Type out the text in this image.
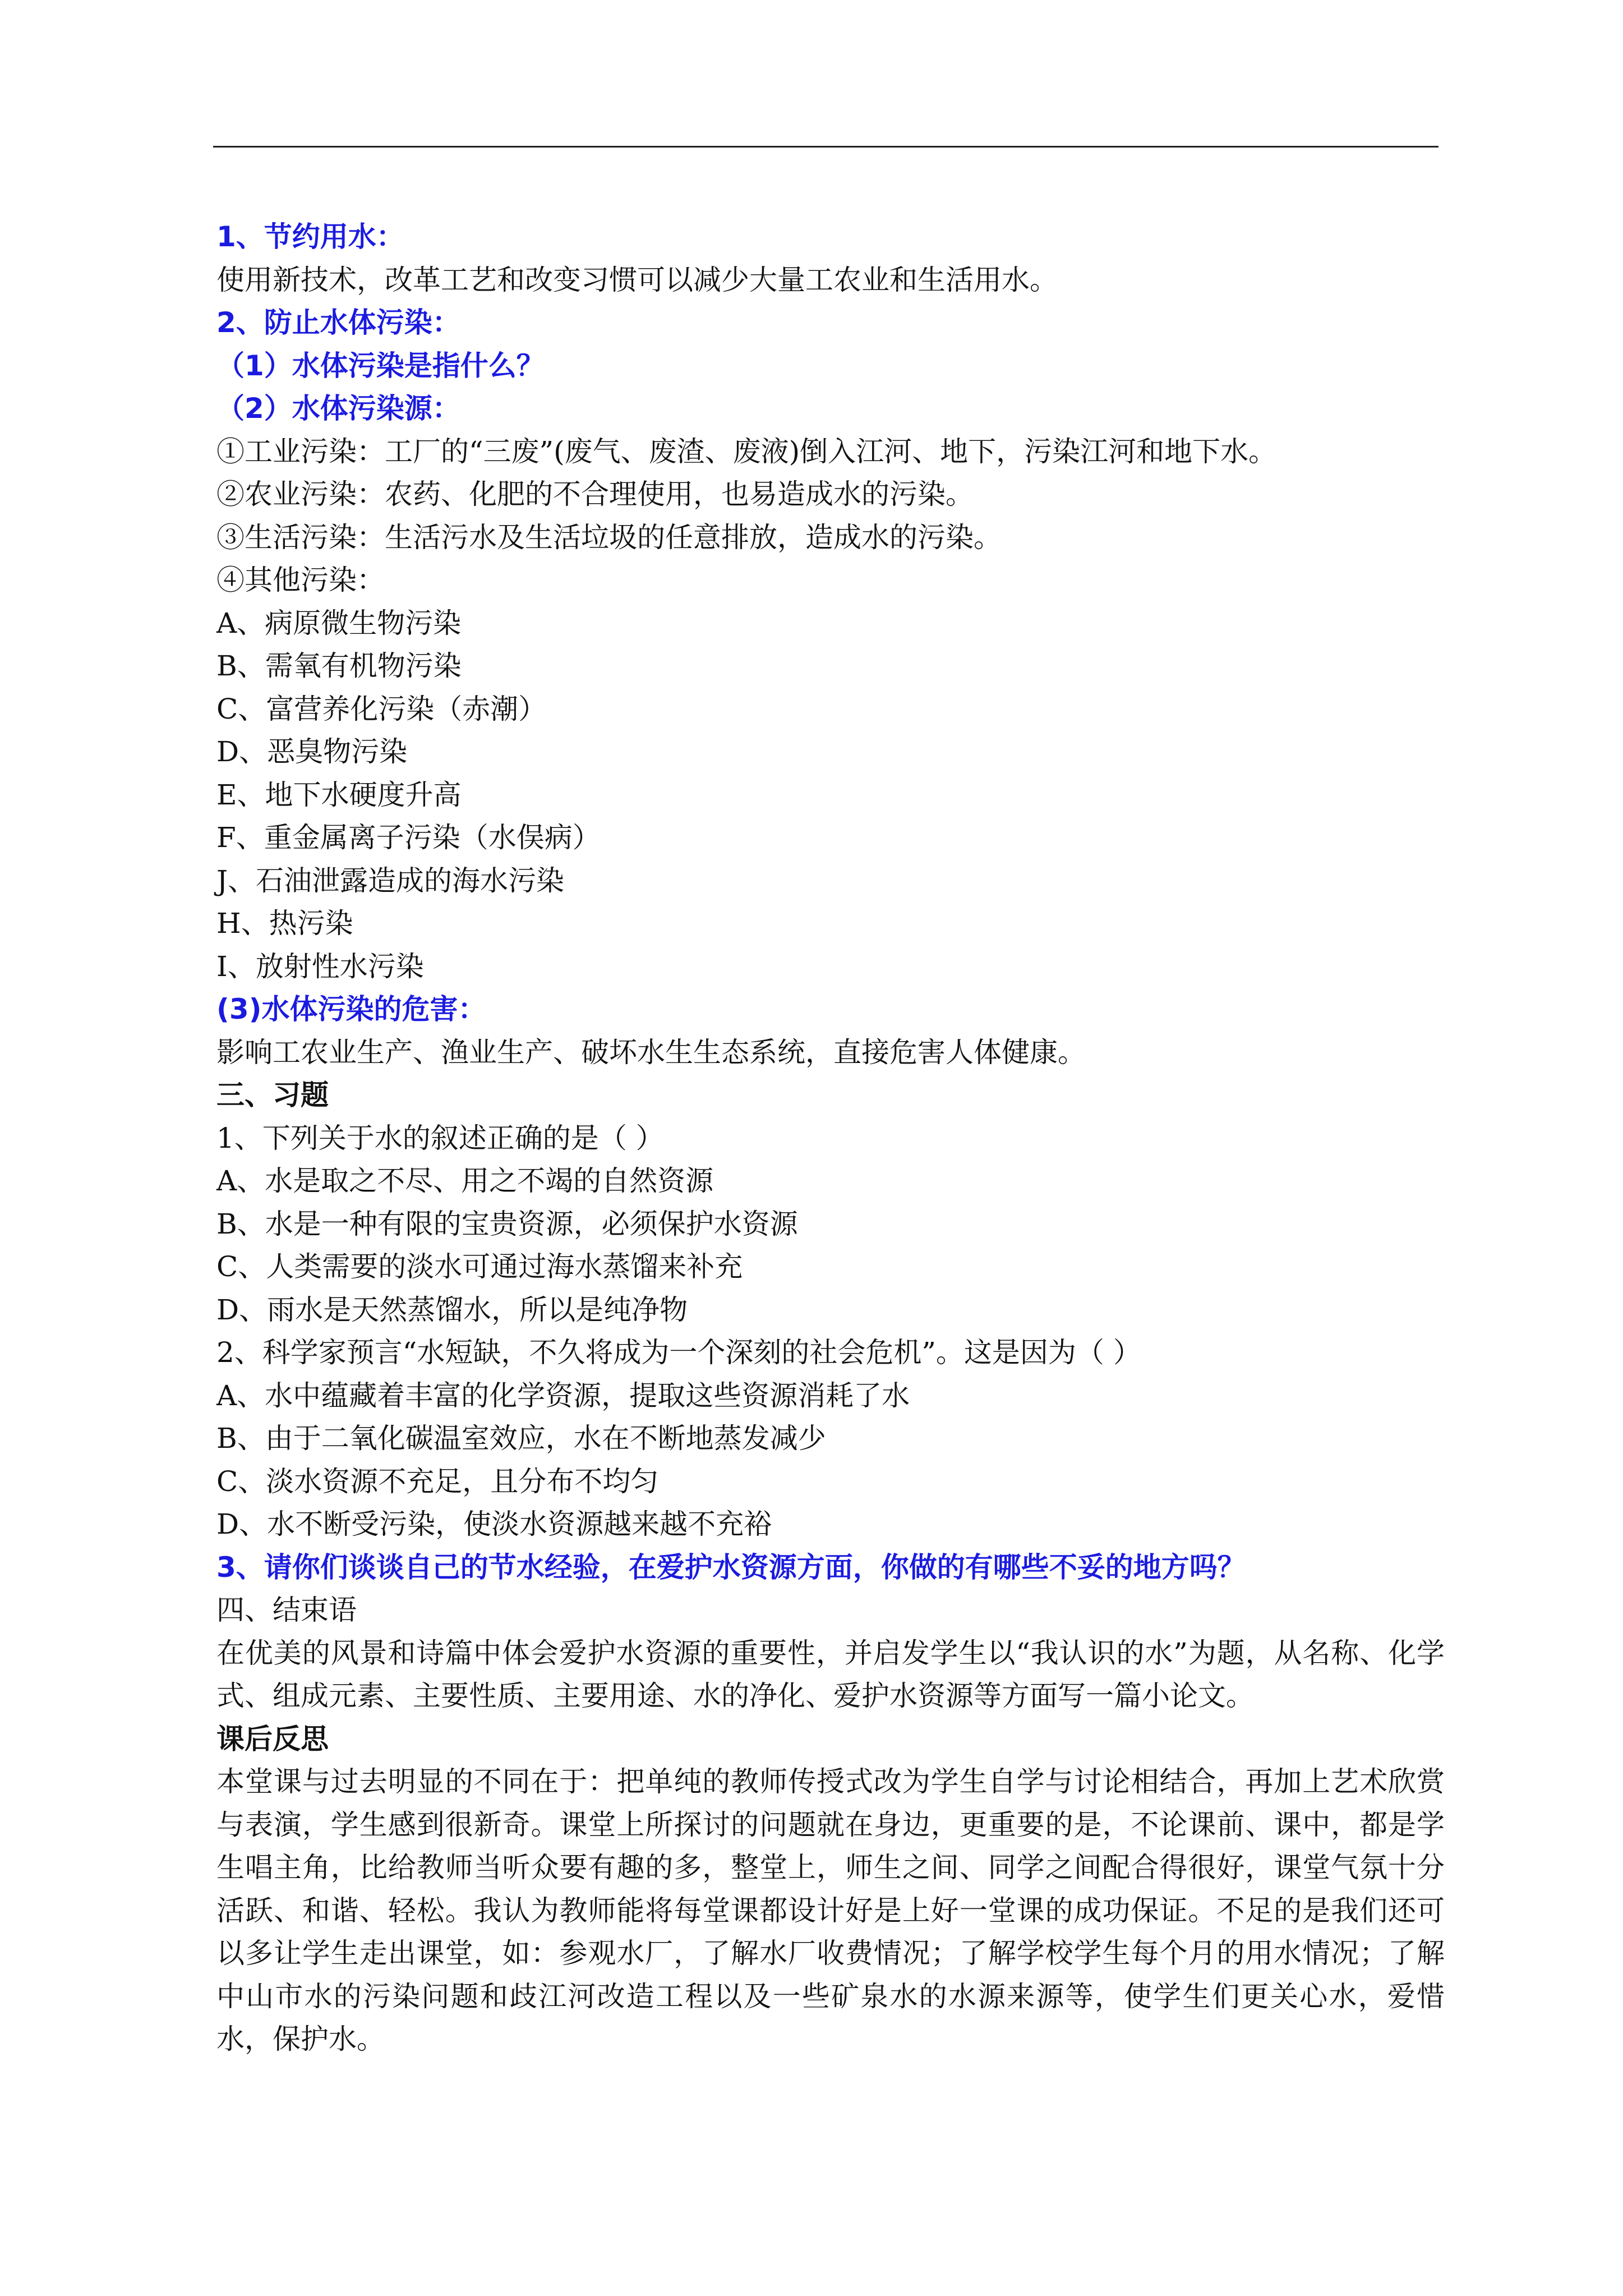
1、节约用水：
使用新技术，改革工艺和改变习惯可以减少大量工农业和生活用水。
2、防止水体污染：
（1）水体污染是指什么？
（2）水体污染源：
①工业污染：工厂的“三废”(废气、废渣、废液)倒入江河、地下，污染江河和地下水。
②农业污染：农药、化肥的不合理使用，也易造成水的污染。
③生活污染：生活污水及生活垃圾的任意排放，造成水的污染。
④其他污染：
A、病原微生物污染
B、需氧有机物污染
C、富营养化污染（赤潮）
D、恶臭物污染
E、地下水硬度升高
F、重金属离子污染（水俣病）
J、石油泄露造成的海水污染
H、热污染
I、放射性水污染
(3)水体污染的危害：
影响工农业生产、渔业生产、破坏水生生态系统，直接危害人体健康。
三、习题
1、下列关于水的叙述正确的是（ ）
A、水是取之不尽、用之不竭的自然资源
B、水是一种有限的宝贵资源，必须保护水资源
C、人类需要的淡水可通过海水蒸馏来补充
D、雨水是天然蒸馏水，所以是纯净物
2、科学家预言“水短缺，不久将成为一个深刻的社会危机”。这是因为（ ）
A、水中蕴藏着丰富的化学资源，提取这些资源消耗了水
B、由于二氧化碳温室效应，水在不断地蒸发减少
C、淡水资源不充足，且分布不均匀
D、水不断受污染，使淡水资源越来越不充裕
3、请你们谈谈自己的节水经验，在爱护水资源方面，你做的有哪些不妥的地方吗？
四、结束语
在优美的风景和诗篇中体会爱护水资源的重要性，并启发学生以“我认识的水”为题，从名称、化学式、组成元素、主要性质、主要用途、水的净化、爱护水资源等方面写一篇小论文。
课后反思
本堂课与过去明显的不同在于：把单纯的教师传授式改为学生自学与讨论相结合，再加上艺术欣赏与表演，学生感到很新奇。课堂上所探讨的问题就在身边，更重要的是，不论课前、课中，都是学生唱主角，比给教师当听众要有趣的多，整堂上，师生之间、同学之间配合得很好，课堂气氛十分活跃、和谐、轻松。我认为教师能将每堂课都设计好是上好一堂课的成功保证。不足的是我们还可以多让学生走出课堂，如：参观水厂，了解水厂收费情况；了解学校学生每个月的用水情况；了解中山市水的污染问题和歧江河改造工程以及一些矿泉水的水源来源等，使学生们更关心水，爱惜水，保护水。
